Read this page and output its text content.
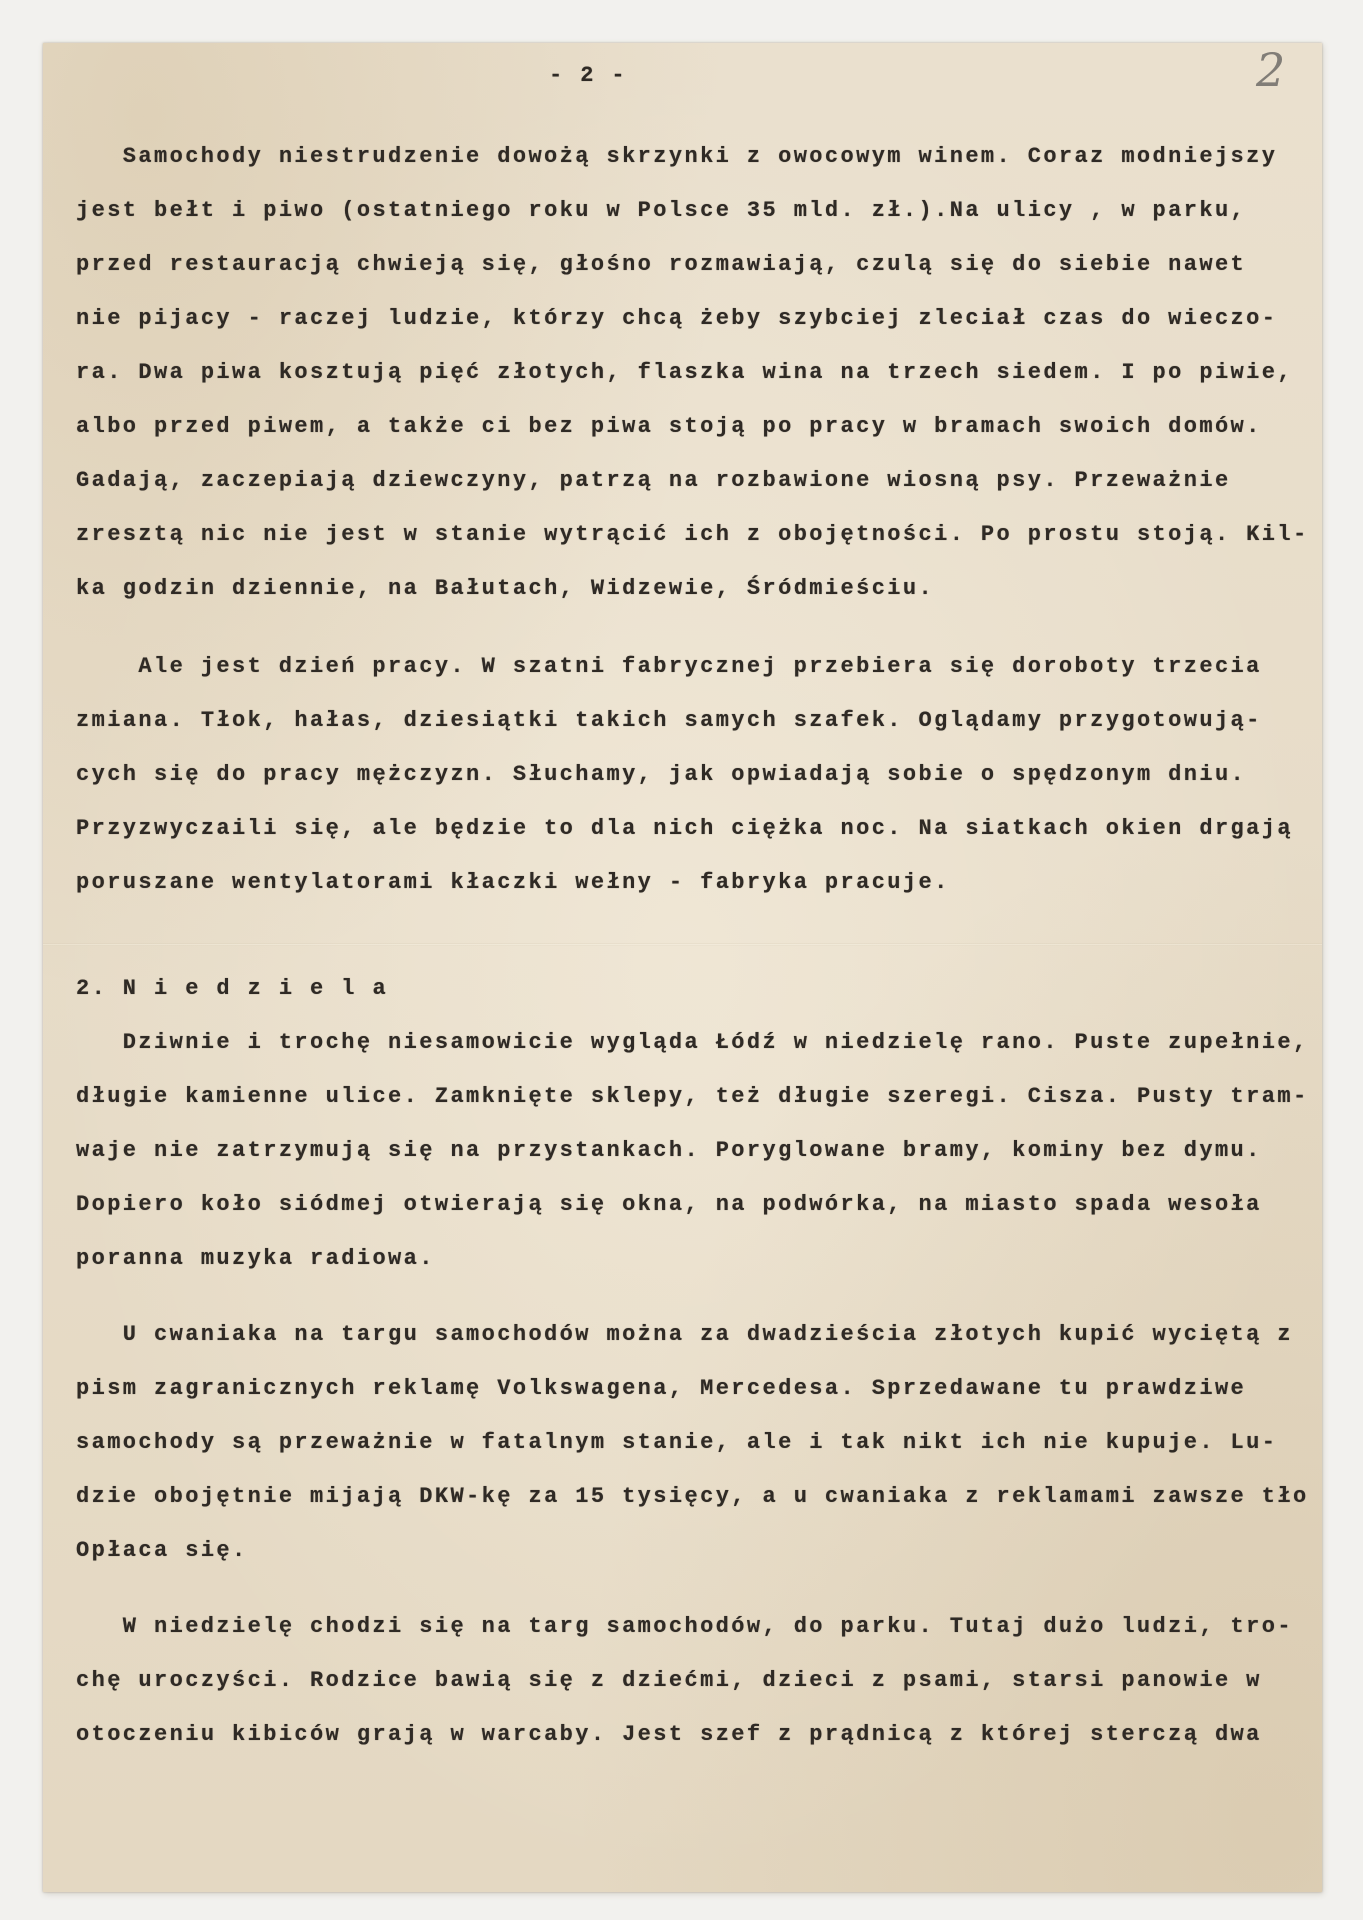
- 2 -	2
Samochody niestrudzenie dowożą skrzynki z owocowym winem. Coraz modniejszy
jest bełt i piwo (ostatniego roku w Polsce 35 mld. zł.).Na ulicy , w parku,
przed restauracją chwieją się, głośno rozmawiają, czulą się do siebie nawet
nie pijacy - raczej ludzie, którzy chcą żeby szybciej zleciał czas do wieczo-
ra. Dwa piwa kosztują pięć złotych, flaszka wina na trzech siedem. I po piwie,
albo przed piwem, a także ci bez piwa stoją po pracy w bramach swoich domów.
Gadają, zaczepiają dziewczyny, patrzą na rozbawione wiosną psy. Przeważnie
zresztą nic nie jest w stanie wytrącić ich z obojętności. Po prostu stoją. Kil-
ka godzin dziennie, na Bałutach, Widzewie, Śródmieściu.
Ale jest dzień pracy. W szatni fabrycznej przebiera się doroboty trzecia
zmiana. Tłok, hałas, dziesiątki takich samych szafek. Oglądamy przygotowują-
cych się do pracy mężczyzn. Słuchamy, jak opwiadają sobie o spędzonym dniu.
Przyzwyczaili się, ale będzie to dla nich ciężka noc. Na siatkach okien drgają
poruszane wentylatorami kłaczki wełny - fabryka pracuje.
2. N i e d z i e l a
Dziwnie i trochę niesamowicie wygląda Łódź w niedzielę rano. Puste zupełnie,
długie kamienne ulice. Zamknięte sklepy, też długie szeregi. Cisza. Pusty tram-
waje nie zatrzymują się na przystankach. Poryglowane bramy, kominy bez dymu.
Dopiero koło siódmej otwierają się okna, na podwórka, na miasto spada wesoła
poranna muzyka radiowa.
U cwaniaka na targu samochodów można za dwadzieścia złotych kupić wyciętą z
pism zagranicznych reklamę Volkswagena, Mercedesa. Sprzedawane tu prawdziwe
samochody są przeważnie w fatalnym stanie, ale i tak nikt ich nie kupuje. Lu-
dzie obojętnie mijają DKW-kę za 15 tysięcy, a u cwaniaka z reklamami zawsze tło
Opłaca się.
W niedzielę chodzi się na targ samochodów, do parku. Tutaj dużo ludzi, tro-
chę uroczyści. Rodzice bawią się z dziećmi, dzieci z psami, starsi panowie w
otoczeniu kibiców grają w warcaby. Jest szef z prądnicą z której sterczą dwa
